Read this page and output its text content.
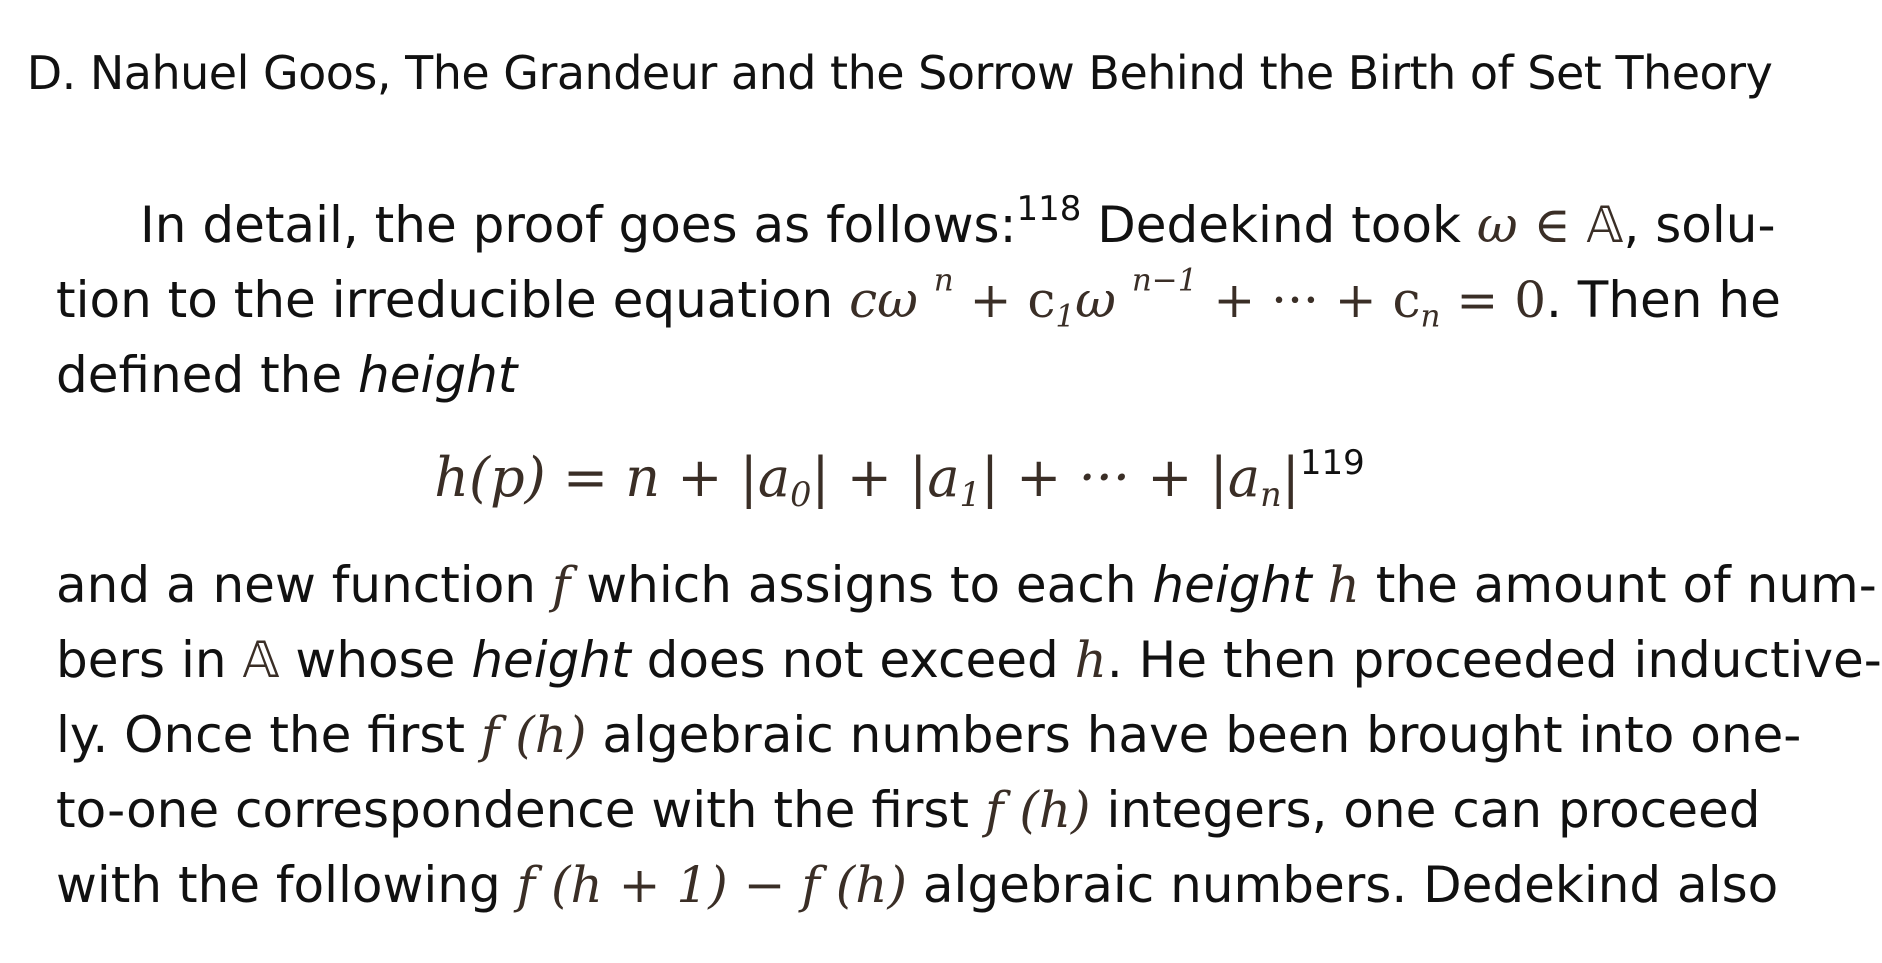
D. Nahuel Goos, The Grandeur and the Sorrow Behind the Birth of Set Theory
In detail, the proof goes as follows:$^{118}$ Dedekind took ω ∈ 𝔸, solu-
tion to the irreducible equation cω $^n$ + c1ω $^{n-1}$ + ··· + cn = 0. Then he
defined the height
h(p) = n + |a0| + |a1| + ··· + $|an|^{119}$
and a new function f which assigns to each height h the amount of num-
bers in 𝔸 whose height does not exceed h. He then proceeded inductive-
ly. Once the first f (h) algebraic numbers have been brought into one-
to-one correspondence with the first f (h) integers, one can proceed
with the following f (h + 1) − f (h) algebraic numbers. Dedekind also
